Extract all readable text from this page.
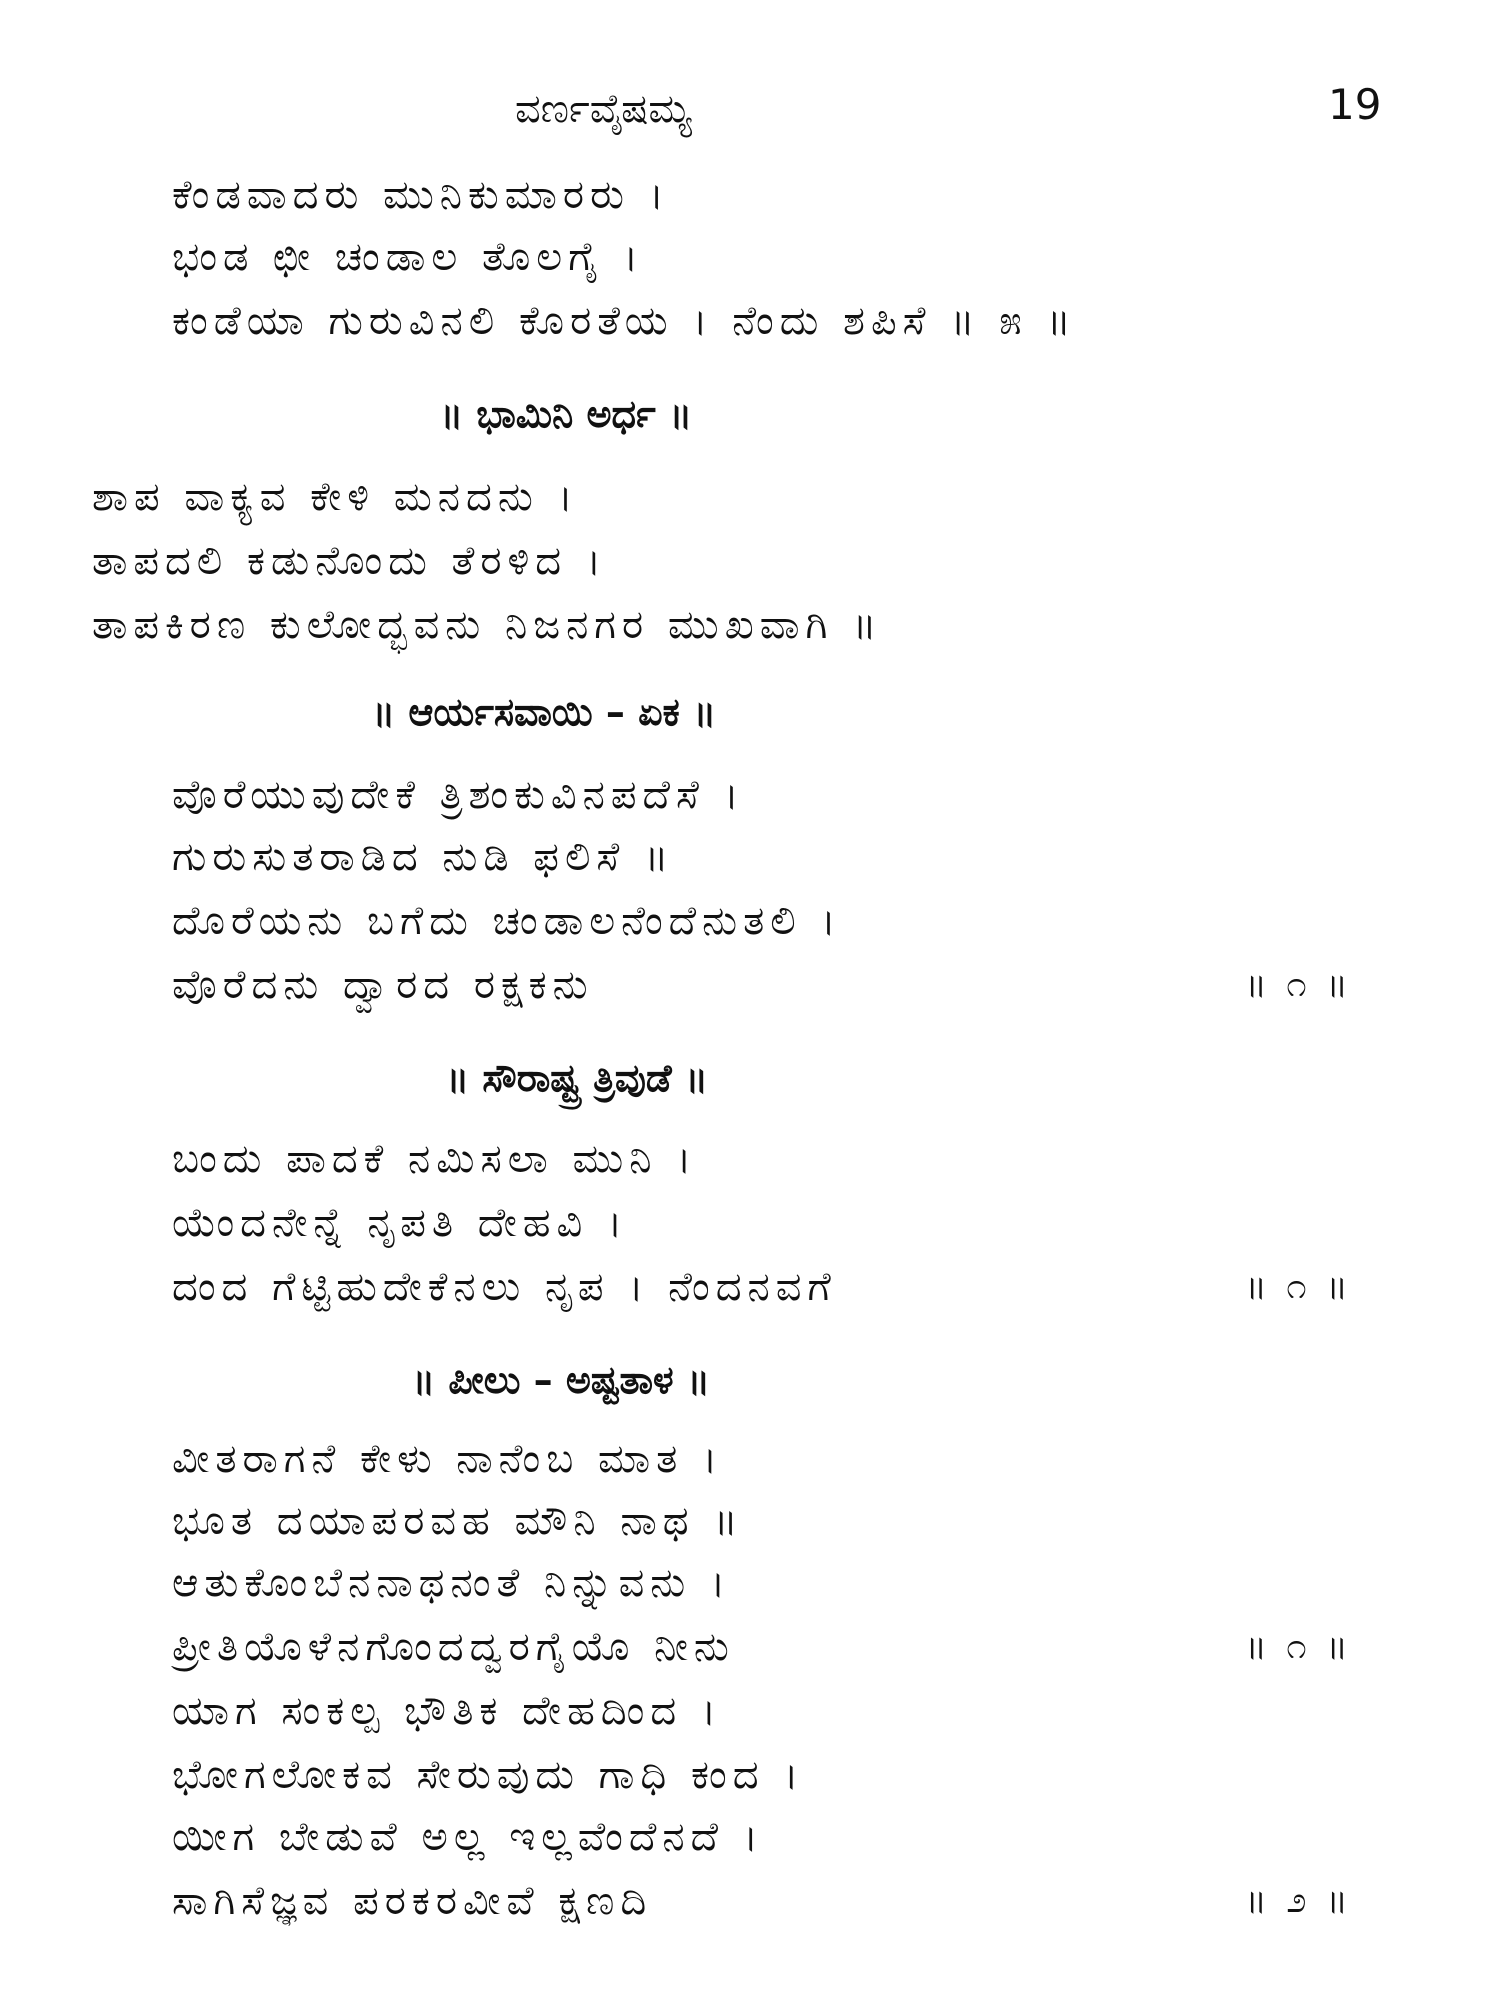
ವರ್ಣವೈಷಮ್ಯ	19
ಕೆಂಡವಾದರು ಮುನಿಕುಮಾರರು ।
ಭಂಡ ಛೀ ಚಂಡಾಲ ತೊಲಗೈ ।
ಕಂಡೆಯಾ ಗುರುವಿನಲಿ ಕೊರತೆಯ । ನೆಂದು ಶಪಿಸೆ ॥ ೫ ॥
॥ ಭಾಮಿನಿ ಅರ್ಧ ॥
ಶಾಪ ವಾಕ್ಯವ ಕೇಳಿ ಮನದನು ।
ತಾಪದಲಿ ಕಡುನೊಂದು ತೆರಳಿದ ।
ತಾಪಕಿರಣ ಕುಲೋದ್ಭವನು ನಿಜನಗರ ಮುಖವಾಗಿ ॥
॥ ಆರ್ಯಸವಾಯಿ – ಏಕ ॥
ವೊರೆಯುವುದೇಕೆ ತ್ರಿಶಂಕುವಿನಪದೆಸೆ ।
ಗುರುಸುತರಾಡಿದ ನುಡಿ ಫಲಿಸೆ ॥
ದೊರೆಯನು ಬಗೆದು ಚಂಡಾಲನೆಂದೆನುತಲಿ ।
ವೊರೆದನು ದ್ವಾರದ ರಕ್ಷಕನು	॥ ೧ ॥
॥ ಸೌರಾಷ್ಟ್ರ ತ್ರಿವುಡೆ ॥
ಬಂದು ಪಾದಕೆ ನಮಿಸಲಾ ಮುನಿ ।
ಯೆಂದನೇನ್ನೆ ನೃಪತಿ ದೇಹವಿ ।
ದಂದ ಗೆಟ್ಟಿಹುದೇಕೆನಲು ನೃಪ । ನೆಂದನವಗೆ	॥ ೧ ॥
॥ ಪೀಲು – ಅಷ್ಟತಾಳ ॥
ವೀತರಾಗನೆ ಕೇಳು ನಾನೆಂಬ ಮಾತ ।
ಭೂತ ದಯಾಪರವಹ ಮೌನಿ ನಾಥ ॥
ಆತುಕೊಂಬೆನನಾಥನಂತೆ ನಿನ್ನುವನು ।
ಪ್ರೀತಿಯೊಳೆನಗೊಂದದ್ವರಗೈಯೊ ನೀನು	॥ ೧ ॥
ಯಾಗ ಸಂಕಲ್ಪ ಭೌತಿಕ ದೇಹದಿಂದ ।
ಭೋಗಲೋಕವ ಸೇರುವುದು ಗಾಧಿ ಕಂದ ।
ಯೀಗ ಬೇಡುವೆ ಅಲ್ಲ ಇಲ್ಲವೆಂದೆನದೆ ।
ಸಾಗಿಸೆಜ್ಞವ ಪರಕರವೀವೆ ಕ್ಷಣದಿ	॥ ೨ ॥
